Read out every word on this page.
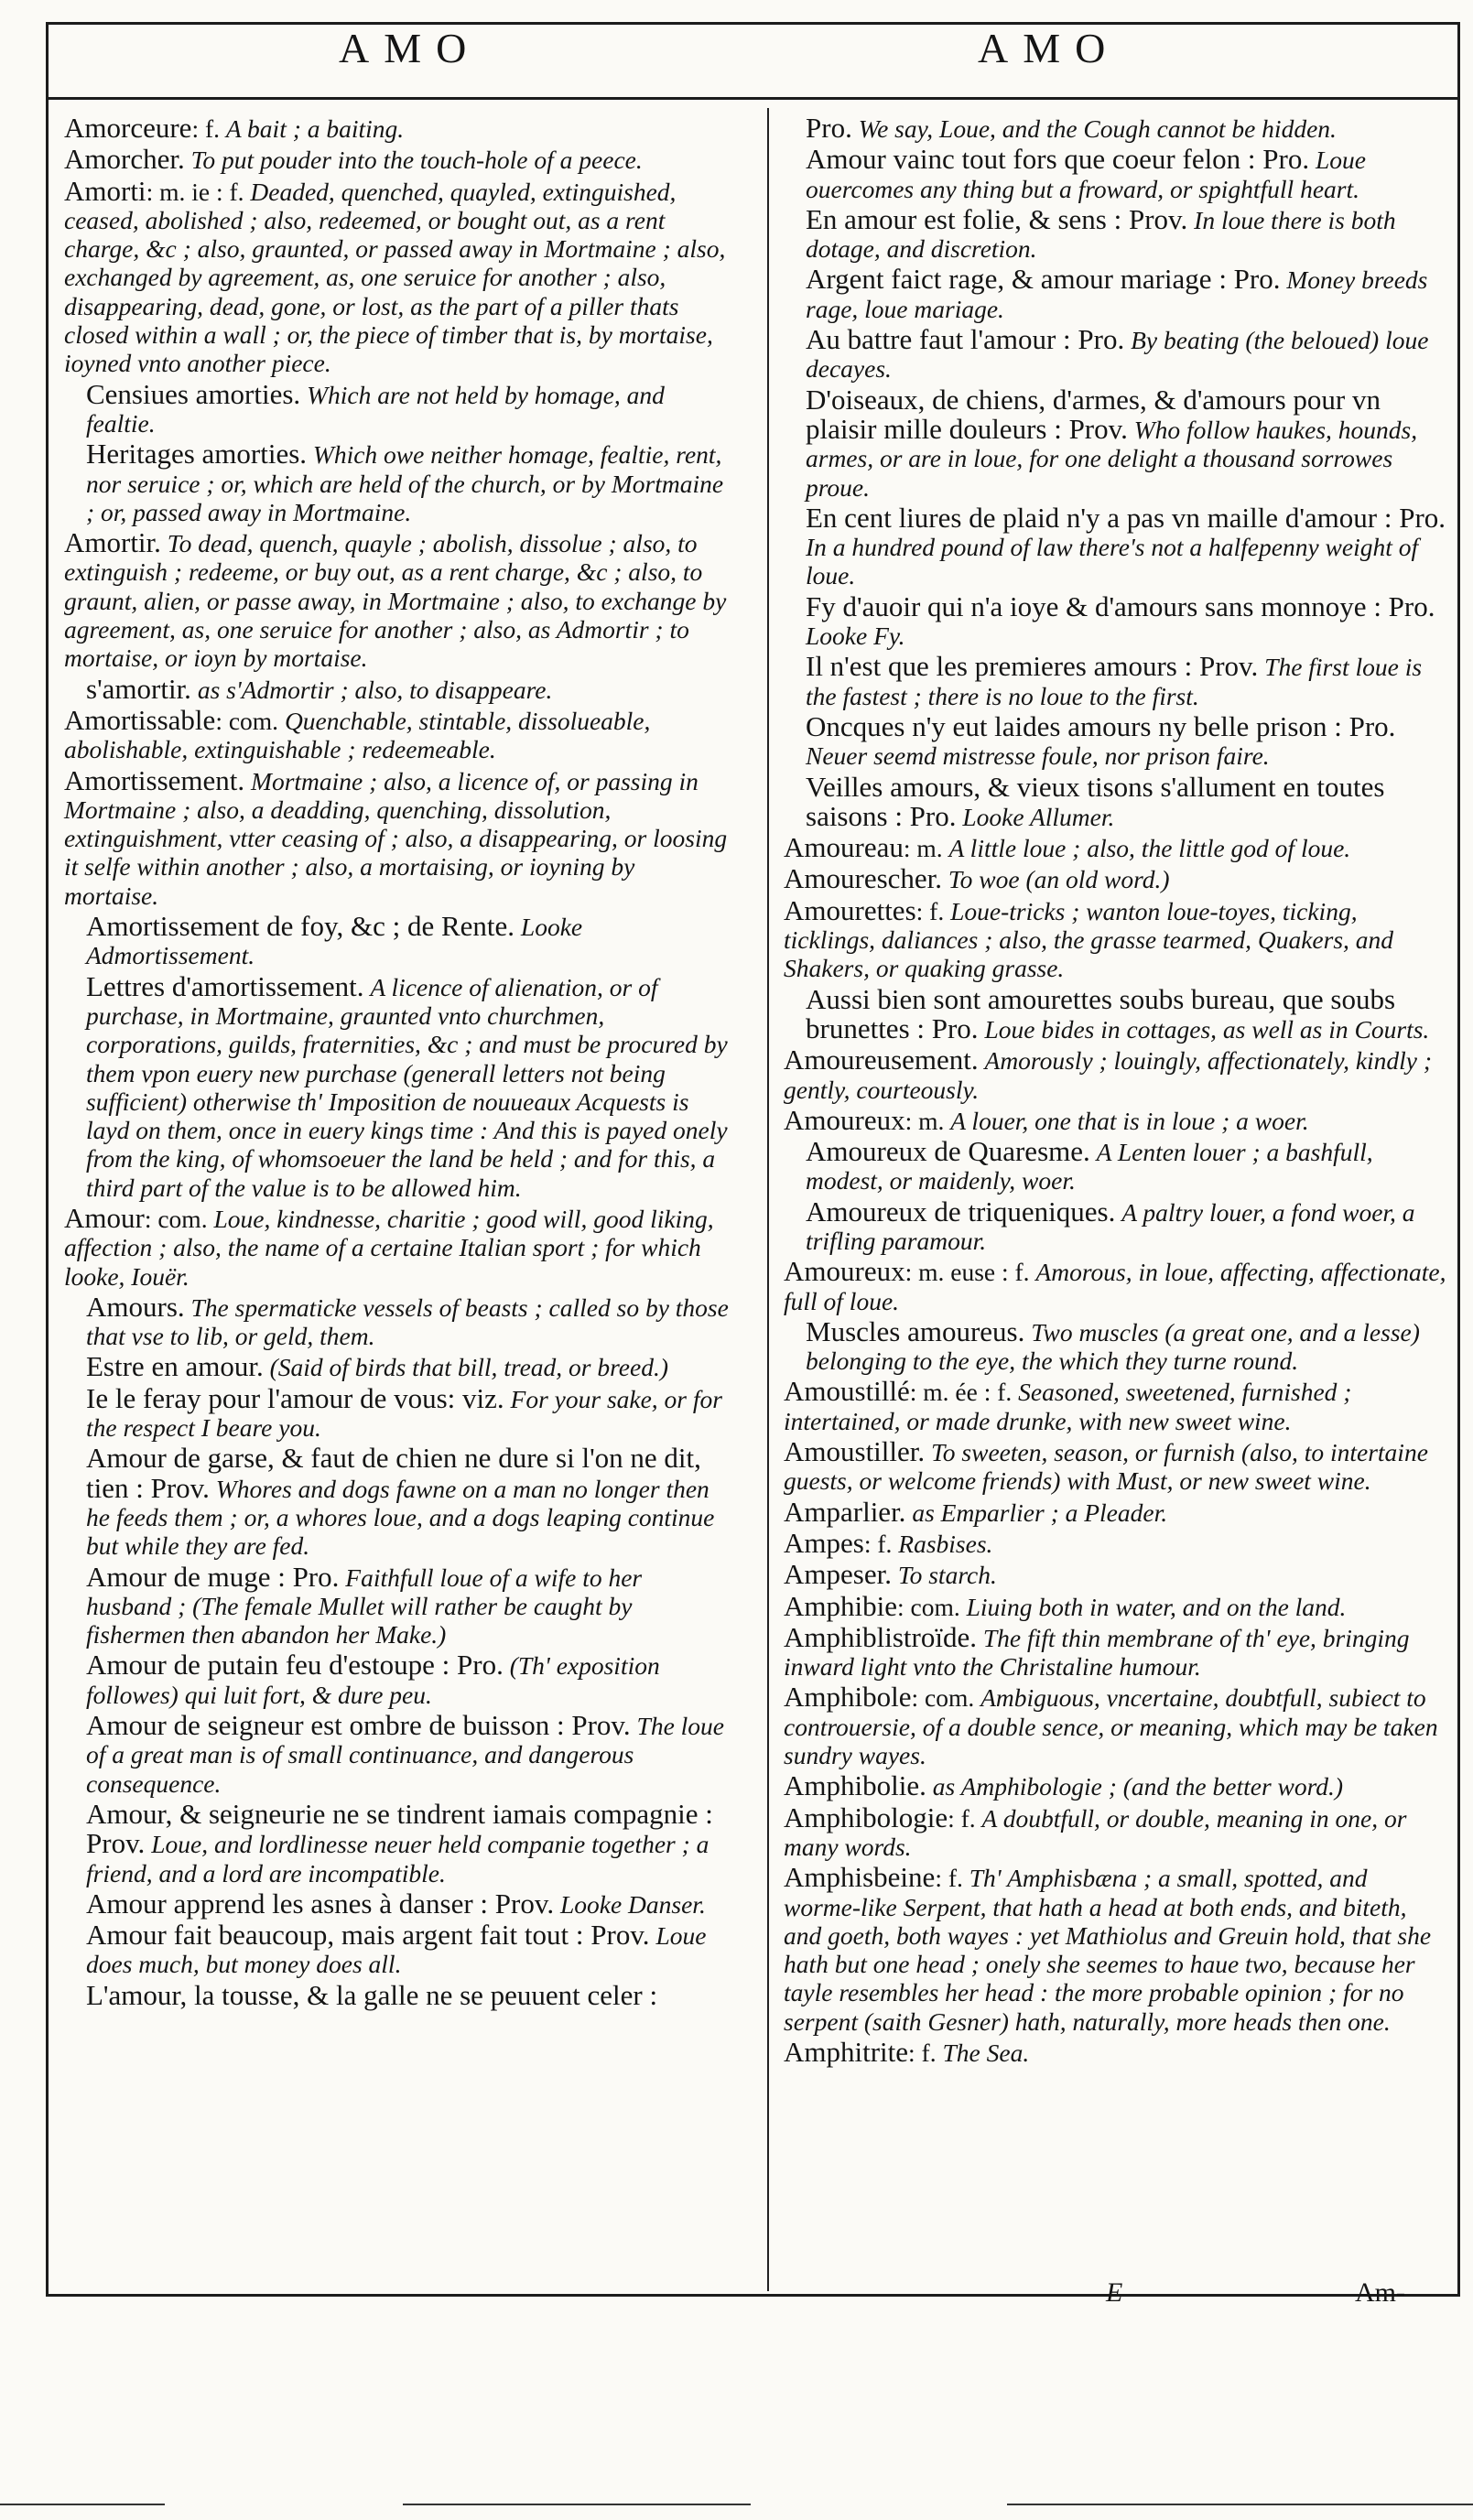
AMO	AMO
Amorceure: f. A bait ; a baiting.
Amorcher. To put pouder into the touch-hole of a peece.
Amorti: m. ie : f. Deaded, quenched, quayled, extinguished, ceased, abolished ; also, redeemed, or bought out, as a rent charge, &c ; also, graunted, or passed away in Mortmaine ; also, exchanged by agreement, as, one seruice for another ; also, disappearing, dead, gone, or lost, as the part of a piller thats closed within a wall ; or, the piece of timber that is, by mortaise, ioyned vnto another piece.
Censiues amorties. Which are not held by homage, and fealtie.
Heritages amorties. Which owe neither homage, fealtie, rent, nor seruice ; or, which are held of the church, or by Mortmaine ; or, passed away in Mortmaine.
Amortir. To dead, quench, quayle ; abolish, dissolue ; also, to extinguish ; redeeme, or buy out, as a rent charge, &c ; also, to graunt, alien, or passe away, in Mortmaine ; also, to exchange by agreement, as, one seruice for another ; also, as Admortir ; to mortaise, or ioyn by mortaise.
s'amortir. as s'Admortir ; also, to disappeare.
Amortissable: com. Quenchable, stintable, dissolueable, abolishable, extinguishable ; redeemeable.
Amortissement. Mortmaine ; also, a licence of, or passing in Mortmaine ; also, a deadding, quenching, dissolution, extinguishment, vtter ceasing of ; also, a disappearing, or loosing it selfe within another ; also, a mortaising, or ioyning by mortaise.
Amortissement de foy, &c ; de Rente. Looke Admortissement.
Lettres d'amortissement. A licence of alienation, or of purchase, in Mortmaine, graunted vnto churchmen, corporations, guilds, fraternities, &c ; and must be procured by them vpon euery new purchase (generall letters not being sufficient) otherwise th' Imposition de nouueaux Acquests is layd on them, once in euery kings time : And this is payed onely from the king, of whomsoeuer the land be held ; and for this, a third part of the value is to be allowed him.
Amour: com. Loue, kindnesse, charitie ; good will, good liking, affection ; also, the name of a certaine Italian sport ; for which looke, Iouër.
Amours. The spermaticke vessels of beasts ; called so by those that vse to lib, or geld, them.
Estre en amour. (Said of birds that bill, tread, or breed.)
Ie le feray pour l'amour de vous: viz. For your sake, or for the respect I beare you.
Amour de garse, & faut de chien ne dure si l'on ne dit, tien : Prov. Whores and dogs fawne on a man no longer then he feeds them ; or, a whores loue, and a dogs leaping continue but while they are fed.
Amour de muge : Pro. Faithfull loue of a wife to her husband ; (The female Mullet will rather be caught by fishermen then abandon her Make.)
Amour de putain feu d'estoupe : Pro. (Th' exposition followes) qui luit fort, & dure peu.
Amour de seigneur est ombre de buisson : Prov. The loue of a great man is of small continuance, and dangerous consequence.
Amour, & seigneurie ne se tindrent iamais compagnie : Prov. Loue, and lordlinesse neuer held companie together ; a friend, and a lord are incompatible.
Amour apprend les asnes à danser : Prov. Looke Danser.
Amour fait beaucoup, mais argent fait tout : Prov. Loue does much, but money does all.
L'amour, la tousse, & la galle ne se peuuent celer :
Pro. We say, Loue, and the Cough cannot be hidden.
Amour vainc tout fors que coeur felon : Pro. Loue ouercomes any thing but a froward, or spightfull heart.
En amour est folie, & sens : Prov. In loue there is both dotage, and discretion.
Argent faict rage, & amour mariage : Pro. Money breeds rage, loue mariage.
Au battre faut l'amour : Pro. By beating (the beloued) loue decayes.
D'oiseaux, de chiens, d'armes, & d'amours pour vn plaisir mille douleurs : Prov. Who follow haukes, hounds, armes, or are in loue, for one delight a thousand sorrowes proue.
En cent liures de plaid n'y a pas vn maille d'amour : Pro. In a hundred pound of law there's not a halfepenny weight of loue.
Fy d'auoir qui n'a ioye & d'amours sans monnoye : Pro. Looke Fy.
Il n'est que les premieres amours : Prov. The first loue is the fastest ; there is no loue to the first.
Oncques n'y eut laides amours ny belle prison : Pro. Neuer seemd mistresse foule, nor prison faire.
Veilles amours, & vieux tisons s'allument en toutes saisons : Pro. Looke Allumer.
Amoureau: m. A little loue ; also, the little god of loue.
Amourescher. To woe (an old word.)
Amourettes: f. Loue-tricks ; wanton loue-toyes, ticking, ticklings, daliances ; also, the grasse tearmed, Quakers, and Shakers, or quaking grasse.
Aussi bien sont amourettes soubs bureau, que soubs brunettes : Pro. Loue bides in cottages, as well as in Courts.
Amoureusement. Amorously ; louingly, affectionately, kindly ; gently, courteously.
Amoureux: m. A louer, one that is in loue ; a woer.
Amoureux de Quaresme. A Lenten louer ; a bashfull, modest, or maidenly, woer.
Amoureux de triqueniques. A paltry louer, a fond woer, a trifling paramour.
Amoureux: m. euse : f. Amorous, in loue, affecting, affectionate, full of loue.
Muscles amoureus. Two muscles (a great one, and a lesse) belonging to the eye, the which they turne round.
Amoustillé: m. ée : f. Seasoned, sweetened, furnished ; intertained, or made drunke, with new sweet wine.
Amoustiller. To sweeten, season, or furnish (also, to intertaine guests, or welcome friends) with Must, or new sweet wine.
Amparlier. as Emparlier ; a Pleader.
Ampes: f. Rasbises.
Ampeser. To starch.
Amphibie: com. Liuing both in water, and on the land.
Amphiblistroïde. The fift thin membrane of th' eye, bringing inward light vnto the Christaline humour.
Amphibole: com. Ambiguous, vncertaine, doubtfull, subiect to controuersie, of a double sence, or meaning, which may be taken sundry wayes.
Amphibolie. as Amphibologie ; (and the better word.)
Amphibologie: f. A doubtfull, or double, meaning in one, or many words.
Amphisbeine: f. Th' Amphisbæna ; a small, spotted, and worme-like Serpent, that hath a head at both ends, and biteth, and goeth, both wayes : yet Mathiolus and Greuin hold, that she hath but one head ; onely she seemes to haue two, because her tayle resembles her head : the more probable opinion ; for no serpent (saith Gesner) hath, naturally, more heads then one.
Amphitrite: f. The Sea.
E	Am-
